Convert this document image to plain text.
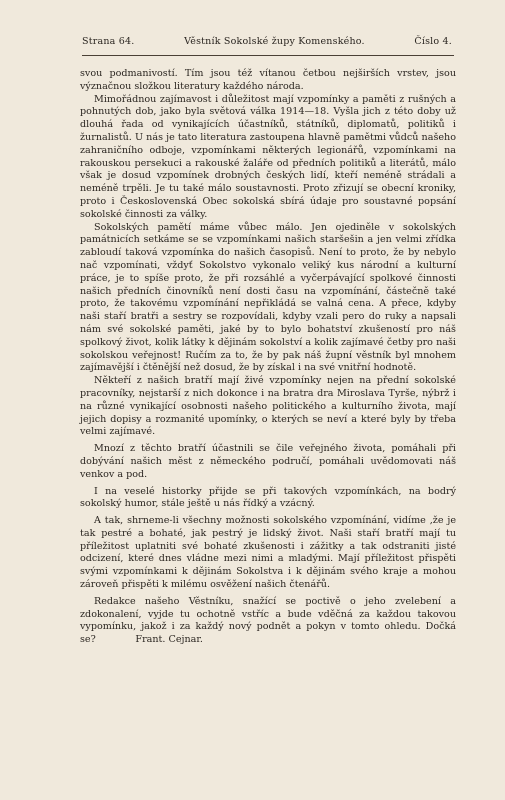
Strana 64.	Věstník Sokolské župy Komenského.	Číslo 4.

svou podmanivostí. Tím jsou též vítanou četbou nejširších vrstev, jsou význačnou složkou literatury každého národa.

Mimořádnou zajímavost i důležitost mají vzpomínky a paměti z rušných a pohnutých dob, jako byla světová válka 1914—18. Vyšla jich z této doby už dlouhá řada od vynikajících účastníků, státníků, diplomatů, politiků i žurnalistů. U nás je tato literatura zastoupena hlavně pamětmi vůdců našeho zahraničního odboje, vzpomínkami některých legionářů, vzpomínkami na rakouskou persekuci a rakouské žaláře od předních politiků a literátů, málo však je dosud vzpomínek drobných českých lidí, kteří neméně strádali a neméně trpěli. Je tu také málo soustavnosti. Proto zřizují se obecní kroniky, proto i Československá Obec sokolská sbírá údaje pro soustavné popsání sokolské činnosti za války.

Sokolských pamětí máme vůbec málo. Jen ojediněle v sokolských památnicích setkáme se se vzpomínkami našich staršešin a jen velmi zřídka zabloudí taková vzpomínka do našich časopisů. Není to proto, že by nebylo nač vzpomínati, vždyť Sokolstvo vykonalo veliký kus národní a kulturní práce, je to spíše proto, že při rozsáhlé a vyčerpávající spolkové činnosti našich předních činovníků není dosti času na vzpomínání, částečně také proto, že takovému vzpomínání nepřikládá se valná cena. A přece, kdyby naši staří bratři a sestry se rozpovídali, kdyby vzali pero do ruky a napsali nám své sokolské paměti, jaké by to bylo bohatství zkušeností pro náš spolkový život, kolik látky k dějinám sokolství a kolik zajímavé četby pro naši sokolskou veřejnost! Ručím za to, že by pak náš župní věstník byl mnohem zajímavější i čtěnější než dosud, že by získal i na své vnitřní hodnotě.

Někteří z našich bratří mají živé vzpomínky nejen na přední sokolské pracovníky, nejstarší z nich dokonce i na bratra dra Miroslava Tyrše, nýbrž i na různé vynikající osobnosti našeho politického a kulturního života, mají jejich dopisy a rozmanité upomínky, o kterých se neví a které byly by třeba velmi zajímavé.

Mnozí z těchto bratří účastnili se čile veřejného života, pomáhali při dobývání našich měst z německého područí, pomáhali uvědomovati náš venkov a pod.

I na veselé historky přijde se při takových vzpomínkách, na bodrý sokolský humor, stále ještě u nás řídký a vzácný.

A tak, shrneme-li všechny možnosti sokolského vzpomínání, vidíme ,že je tak pestré a bohaté, jak pestrý je lidský život. Naši staří bratří mají tu příležitost uplatniti své bohaté zkušenosti i zážitky a tak odstraniti jisté odcizení, které dnes vládne mezi nimi a mladými. Mají příležitost přispěti svými vzpomínkami k dějinám Sokolstva i k dějinám svého kraje a mohou zároveň přispěti k milému osvěžení našich čtenářů.

Redakce našeho Věstníku, snažící se poctivě o jeho zvelebení a zdokonalení, vyjde tu ochotně vstříc a bude vděčná za každou takovou vypomínku, jakož i za každý nový podnět a pokyn v tomto ohledu. Dočká se?	Frant. Cejnar.
